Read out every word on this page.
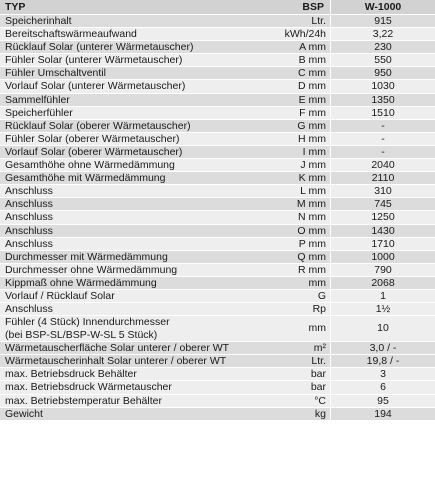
TYP	BSP	W-1000
Speicherinhalt	Ltr.	915
Bereitschaftswärmeaufwand	kWh/24h	3,22
Rücklauf Solar (unterer Wärmetauscher)	A mm	230
Fühler Solar (unterer Wärmetauscher)	B mm	550
Fühler Umschaltventil	C mm	950
Vorlauf Solar (unterer Wärmetauscher)	D mm	1030
Sammelfühler	E mm	1350
Speicherfühler	F mm	1510
Rücklauf Solar (oberer Wärmetauscher)	G mm	-
Fühler Solar (oberer Wärmetauscher)	H mm	-
Vorlauf Solar (oberer Wärmetauscher)	I mm	-
Gesamthöhe ohne Wärmedämmung	J mm	2040
Gesamthöhe mit Wärmedämmung	K mm	2110
Anschluss	L mm	310
Anschluss	M mm	745
Anschluss	N mm	1250
Anschluss	O mm	1430
Anschluss	P mm	1710
Durchmesser mit Wärmedämmung	Q mm	1000
Durchmesser ohne Wärmedämmung	R mm	790
Kippmaß ohne Wärmedämmung	mm	2068
Vorlauf / Rücklauf Solar	G	1
Anschluss	Rp	1½
Fühler (4 Stück) Innendurchmesser
(bei BSP-SL/BSP-W-SL 5 Stück)
mm	10
Wärmetauscherfläche Solar unterer / oberer WT	m²	3,0 / -
Wärmetauscherinhalt Solar unterer / oberer WT	Ltr.	19,8 / -
max. Betriebsdruck Behälter	bar	3
max. Betriebsdruck Wärmetauscher	bar	6
max. Betriebstemperatur Behälter	°C	95
Gewicht	kg	194
